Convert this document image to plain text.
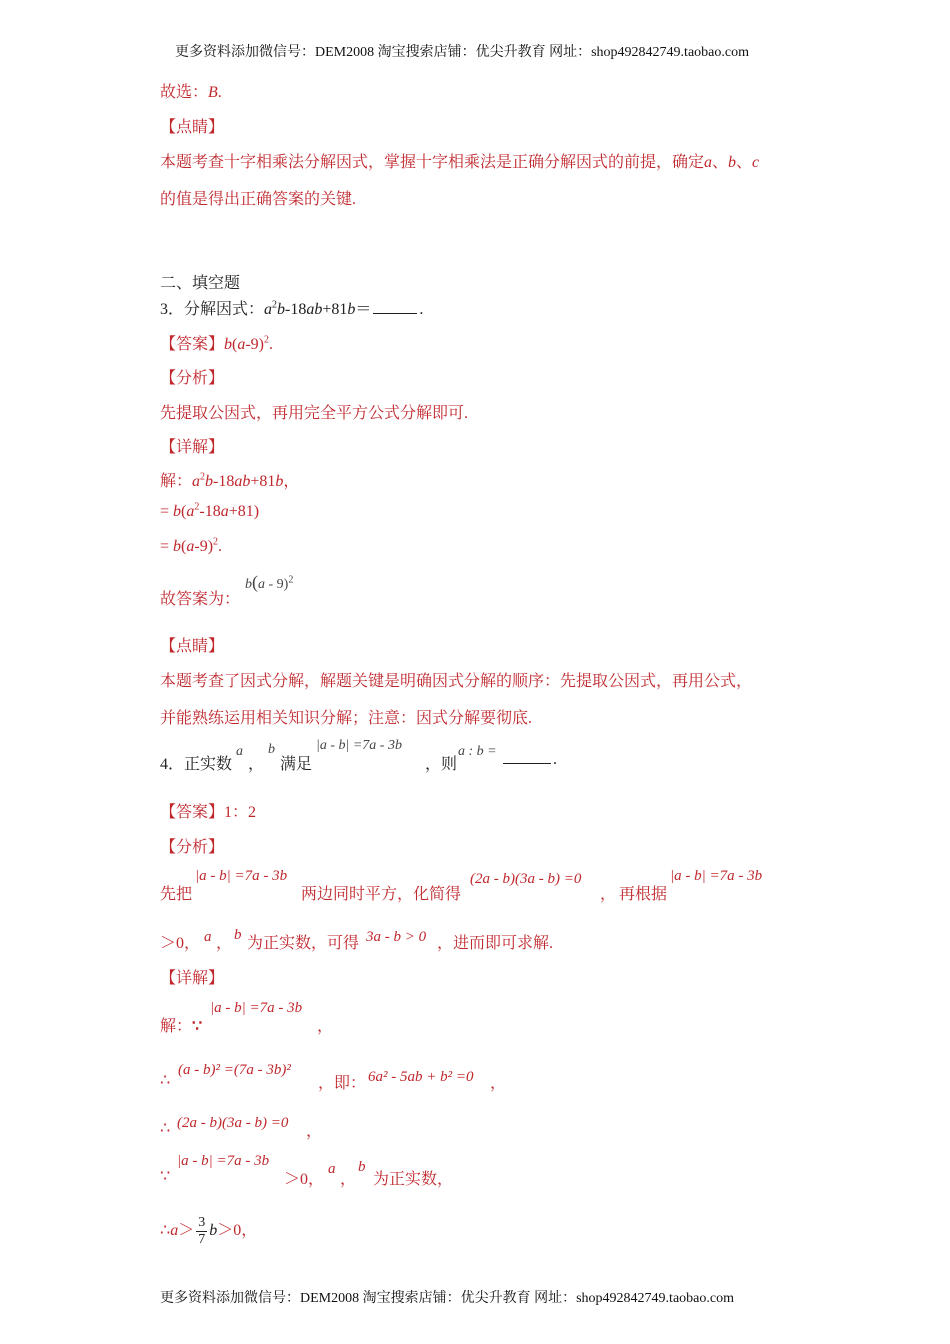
更多资料添加微信号：DEM2008 淘宝搜索店铺：优尖升教育 网址：shop492842749.taobao.com
故选：B.
【点睛】
本题考查十字相乘法分解因式，掌握十字相乘法是正确分解因式的前提，确定a、b、c
的值是得出正确答案的关键.
二、填空题
3．分解因式：$a^2b-18ab+81b=$	.
【答案】$b(a-9)^2$.
【分析】
先提取公因式，再用完全平方公式分解即可.
【详解】
解：$a^2b-18ab+81b$，
= $b(a^2-18a+81)$
= $b(a-9)^2$.
故答案为：
b(a - 9)$^2$
【点睛】
本题考查了因式分解，解题关键是明确因式分解的顺序：先提取公因式，再用公式，
并能熟练运用相关知识分解；注意：因式分解要彻底.
4．正实数
a
，
b
满足
|a - b| =7a - 3b
，则
a : b =	.
【答案】1：2
【分析】
先把
|a - b| =7a - 3b
两边同时平方，化简得
(2a - b)(3a - b) =0
， 再根据
|a - b| =7a - 3b
＞0， a ， b 为正实数，可得 3a - b > 0 ，进而即可求解.
【详解】
解：∵
|a - b| =7a - 3b
，
∴
(a - b)² =(7a - 3b)²
，即： 6a² - 5ab + b² =0 ，
∴ (2a - b)(3a - b) =0 ，
∵
|a - b| =7a - 3b
＞0，
a
，
b
为正实数，
∴a＞ $\frac{3}{7} b>0$，
更多资料添加微信号：DEM2008 淘宝搜索店铺：优尖升教育 网址：shop492842749.taobao.com
